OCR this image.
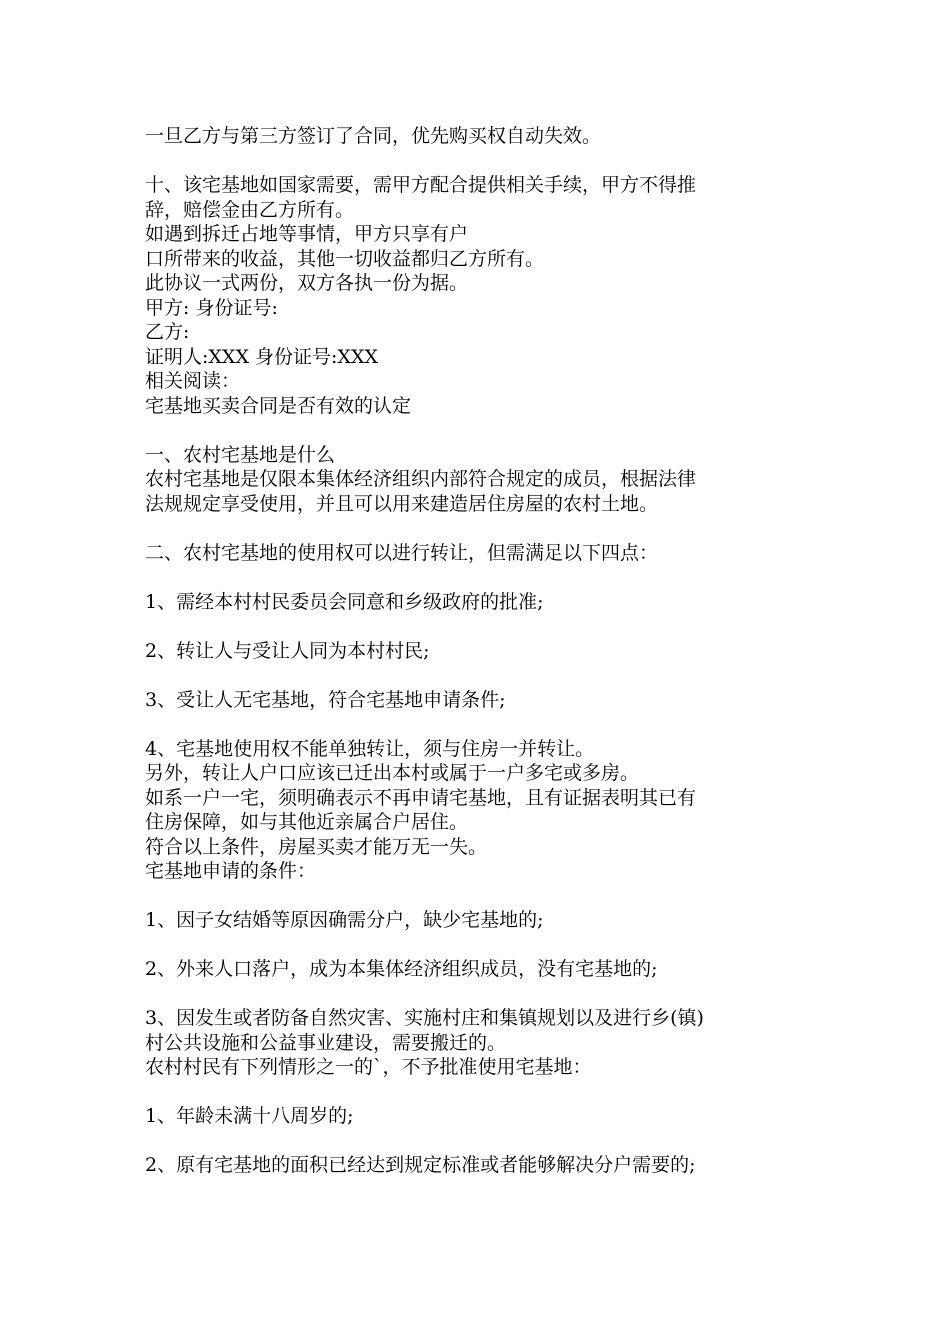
一旦乙方与第三方签订了合同，优先购买权自动失效。
十、该宅基地如国家需要，需甲方配合提供相关手续，甲方不得推
辞，赔偿金由乙方所有。
如遇到拆迁占地等事情，甲方只享有户
口所带来的收益，其他一切收益都归乙方所有。
此协议一式两份，双方各执一份为据。
甲方: 身份证号:
乙方:
证明人:XXX 身份证号:XXX
相关阅读：
宅基地买卖合同是否有效的认定
一、农村宅基地是什么
农村宅基地是仅限本集体经济组织内部符合规定的成员，根据法律
法规规定享受使用，并且可以用来建造居住房屋的农村土地。
二、农村宅基地的使用权可以进行转让，但需满足以下四点：
1、需经本村村民委员会同意和乡级政府的批准;
2、转让人与受让人同为本村村民;
3、受让人无宅基地，符合宅基地申请条件;
4、宅基地使用权不能单独转让，须与住房一并转让。
另外，转让人户口应该已迁出本村或属于一户多宅或多房。
如系一户一宅，须明确表示不再申请宅基地，且有证据表明其已有
住房保障，如与其他近亲属合户居住。
符合以上条件，房屋买卖才能万无一失。
宅基地申请的条件：
1、因子女结婚等原因确需分户，缺少宅基地的;
2、外来人口落户，成为本集体经济组织成员，没有宅基地的;
3、因发生或者防备自然灾害、实施村庄和集镇规划以及进行乡(镇)
村公共设施和公益事业建设，需要搬迁的。
农村村民有下列情形之一的`，不予批准使用宅基地：
1、年龄未满十八周岁的;
2、原有宅基地的面积已经达到规定标准或者能够解决分户需要的;
